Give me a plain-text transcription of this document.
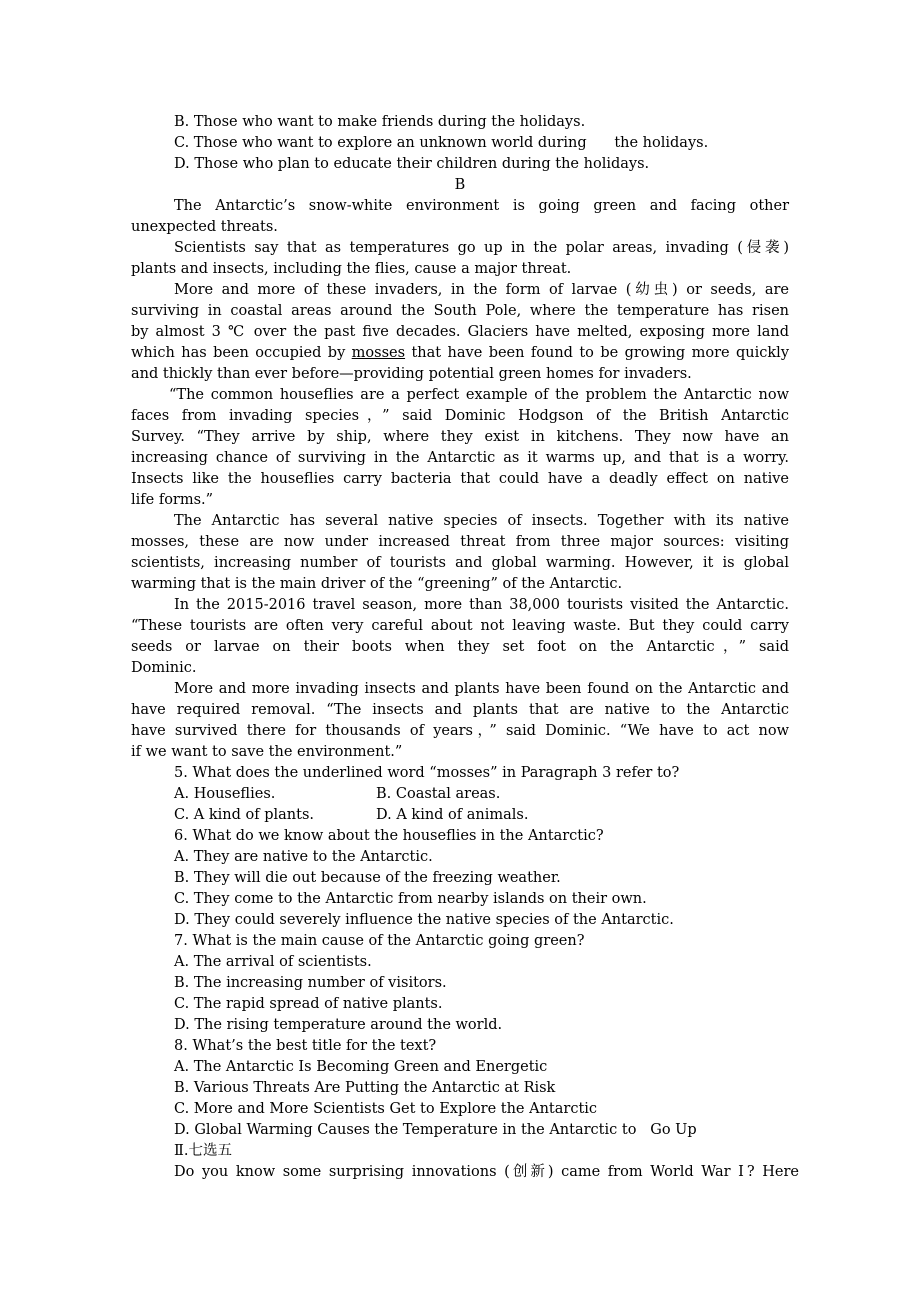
B. Those who want to make friends during the holidays.
C. Those who want to explore an unknown world during      the holidays.
D. Those who plan to educate their children during the holidays.
B
The Antarctic’s snow-white environment is going green and facing other
unexpected threats.
Scientists say that as temperatures go up in the polar areas, invading (侵袭)
plants and insects, including the flies, cause a major threat.
More and more of these invaders, in the form of larvae (幼虫) or seeds, are
surviving in coastal areas around the South Pole, where the temperature has risen
by almost 3 ℃ over the past five decades. Glaciers have melted, exposing more land
which has been occupied by mosses that have been found to be growing more quickly
and thickly than ever before—providing potential green homes for invaders.
“The common houseflies are a perfect example of the problem the Antarctic now
faces from invading species，” said Dominic Hodgson of the British Antarctic
Survey. “They arrive by ship, where they exist in kitchens. They now have an
increasing chance of surviving in the Antarctic as it warms up, and that is a worry.
Insects like the houseflies carry bacteria that could have a deadly effect on native
life forms.”
The Antarctic has several native species of insects. Together with its native
mosses, these are now under increased threat from three major sources: visiting
scientists, increasing number of tourists and global warming. However, it is global
warming that is the main driver of the “greening” of the Antarctic.
In the 2015-2016 travel season, more than 38,000 tourists visited the Antarctic.
“These tourists are often very careful about not leaving waste. But they could carry
seeds or larvae on their boots when they set foot on the Antarctic，” said
Dominic.
More and more invading insects and plants have been found on the Antarctic and
have required removal. “The insects and plants that are native to the Antarctic
have survived there for thousands of years，” said Dominic. “We have to act now
if we want to save the environment.”
5. What does the underlined word “mosses” in Paragraph 3 refer to?
A. Houseflies.	B. Coastal areas.
C. A kind of plants.	D. A kind of animals.
6. What do we know about the houseflies in the Antarctic?
A. They are native to the Antarctic.
B. They will die out because of the freezing weather.
C. They come to the Antarctic from nearby islands on their own.
D. They could severely influence the native species of the Antarctic.
7. What is the main cause of the Antarctic going green?
A. The arrival of scientists.
B. The increasing number of visitors.
C. The rapid spread of native plants.
D. The rising temperature around the world.
8. What’s the best title for the text?
A. The Antarctic Is Becoming Green and Energetic
B. Various Threats Are Putting the Antarctic at Risk
C. More and More Scientists Get to Explore the Antarctic
D. Global Warming Causes the Temperature in the Antarctic to   Go Up
Ⅱ.七选五
Do you know some surprising innovations (创新) came from World War Ⅰ? Here
